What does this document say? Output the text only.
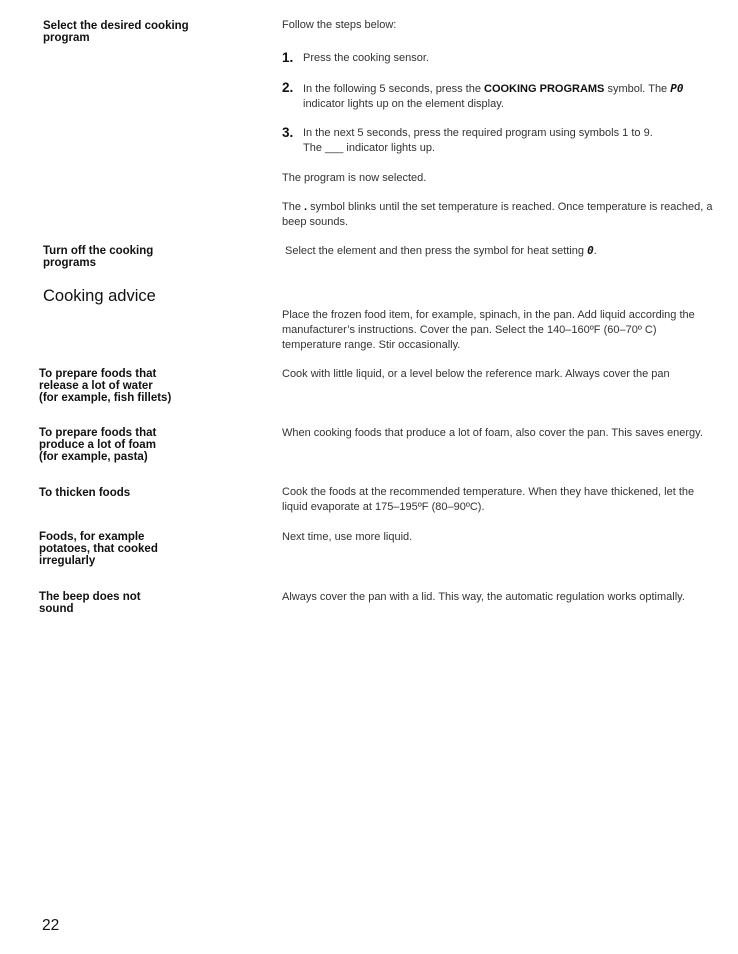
Select the desired cooking
program
Follow the steps below:
1. Press the cooking sensor.
2. In the following 5 seconds, press the COOKING PROGRAMS symbol. The P0
indicator lights up on the element display.
3. In the next 5 seconds, press the required program using symbols 1 to 9.
The ___ indicator lights up.
The program is now selected.
The . symbol blinks until the set temperature is reached. Once temperature is reached, a beep sounds.
Turn off the cooking
programs
Select the element and then press the symbol for heat setting 0.
Cooking advice
Place the frozen food item, for example, spinach, in the pan. Add liquid according the manufacturer’s instructions. Cover the pan. Select the 140–160ºF (60–70º C) temperature range. Stir occasionally.
To prepare foods that
release a lot of water
(for example, fish fillets)
Cook with little liquid, or a level below the reference mark. Always cover the pan
To prepare foods that
produce a lot of foam
(for example, pasta)
When cooking foods that produce a lot of foam, also cover the pan. This saves energy.
To thicken foods	Cook the foods at the recommended temperature. When they have thickened, let the liquid evaporate at 175–195ºF (80–90ºC).
Foods, for example
potatoes, that cooked
irregularly
Next time, use more liquid.
The beep does not
sound
Always cover the pan with a lid. This way, the automatic regulation works optimally.
22
